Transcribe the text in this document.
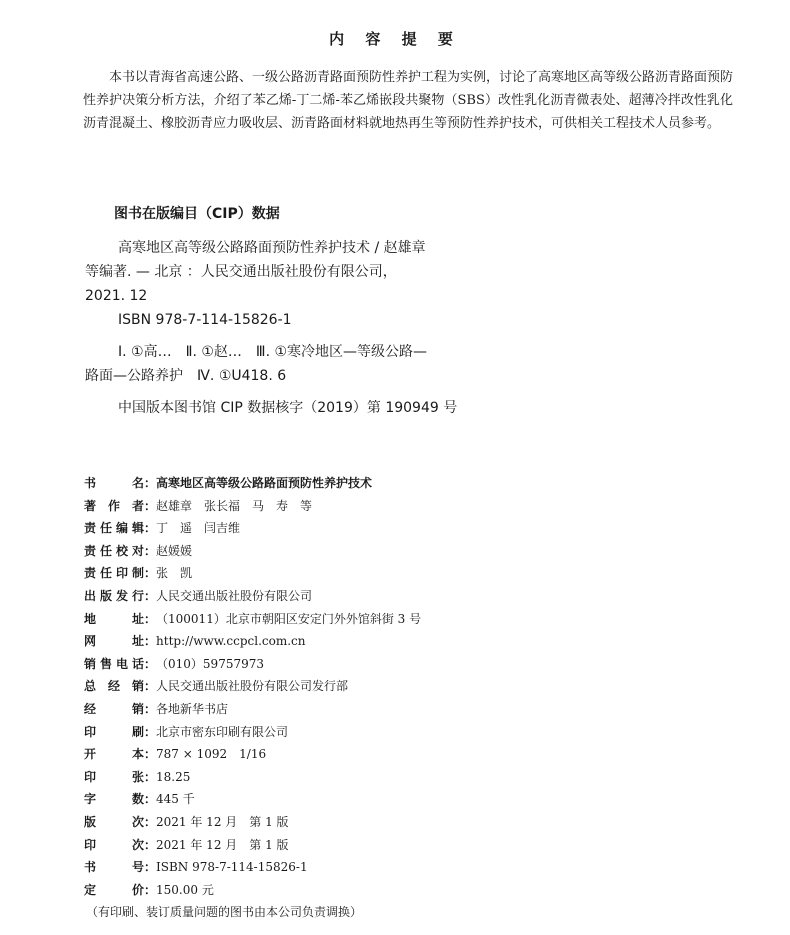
内 容 提 要

本书以青海省高速公路、一级公路沥青路面预防性养护工程为实例，讨论了高寒地区高等级公路沥青路面预防性养护决策分析方法，介绍了苯乙烯-丁二烯-苯乙烯嵌段共聚物（SBS）改性乳化沥青微表处、超薄冷拌改性乳化沥青混凝土、橡胶沥青应力吸收层、沥青路面材料就地热再生等预防性养护技术，可供相关工程技术人员参考。

图书在版编目（CIP）数据
高寒地区高等级公路路面预防性养护技术 / 赵雄章
等编著. — 北京 ：人民交通出版社股份有限公司，
2021. 12
ISBN 978-7-114-15826-1
Ⅰ. ①高…　Ⅱ. ①赵…　Ⅲ. ①寒冷地区—等级公路—
路面—公路养护　Ⅳ. ①U418. 6
中国版本图书馆 CIP 数据核字（2019）第 190949 号
书名：高寒地区高等级公路路面预防性养护技术
著作者：赵雄章　张长福　马　寿　等
责任编辑：丁　遥　闫吉维
责任校对：赵媛媛
责任印制：张　凯
出版发行：人民交通出版社股份有限公司
地址：（100011）北京市朝阳区安定门外外馆斜街 3 号
网址：http://www.ccpcl.com.cn
销售电话：（010）59757973
总经销：人民交通出版社股份有限公司发行部
经销：各地新华书店
印刷：北京市密东印刷有限公司
开本：787 × 1092　1/16
印张：18.25
字数：445 千
版次：2021 年 12 月　第 1 版
印次：2021 年 12 月　第 1 版
书号：ISBN 978-7-114-15826-1
定价：150.00 元
（有印刷、装订质量问题的图书由本公司负责调换）
